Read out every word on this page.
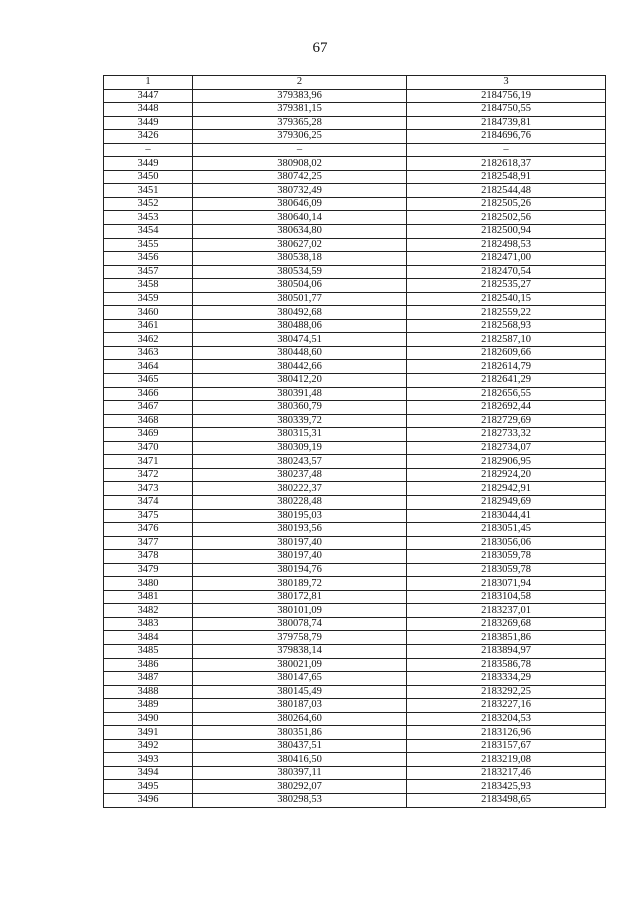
67
1	2	3
3447	379383,96	2184756,19
3448	379381,15	2184750,55
3449	379365,28	2184739,81
3426	379306,25	2184696,76
–	–	–
3449	380908,02	2182618,37
3450	380742,25	2182548,91
3451	380732,49	2182544,48
3452	380646,09	2182505,26
3453	380640,14	2182502,56
3454	380634,80	2182500,94
3455	380627,02	2182498,53
3456	380538,18	2182471,00
3457	380534,59	2182470,54
3458	380504,06	2182535,27
3459	380501,77	2182540,15
3460	380492,68	2182559,22
3461	380488,06	2182568,93
3462	380474,51	2182587,10
3463	380448,60	2182609,66
3464	380442,66	2182614,79
3465	380412,20	2182641,29
3466	380391,48	2182656,55
3467	380360,79	2182692,44
3468	380339,72	2182729,69
3469	380315,31	2182733,32
3470	380309,19	2182734,07
3471	380243,57	2182906,95
3472	380237,48	2182924,20
3473	380222,37	2182942,91
3474	380228,48	2182949,69
3475	380195,03	2183044,41
3476	380193,56	2183051,45
3477	380197,40	2183056,06
3478	380197,40	2183059,78
3479	380194,76	2183059,78
3480	380189,72	2183071,94
3481	380172,81	2183104,58
3482	380101,09	2183237,01
3483	380078,74	2183269,68
3484	379758,79	2183851,86
3485	379838,14	2183894,97
3486	380021,09	2183586,78
3487	380147,65	2183334,29
3488	380145,49	2183292,25
3489	380187,03	2183227,16
3490	380264,60	2183204,53
3491	380351,86	2183126,96
3492	380437,51	2183157,67
3493	380416,50	2183219,08
3494	380397,11	2183217,46
3495	380292,07	2183425,93
3496	380298,53	2183498,65
